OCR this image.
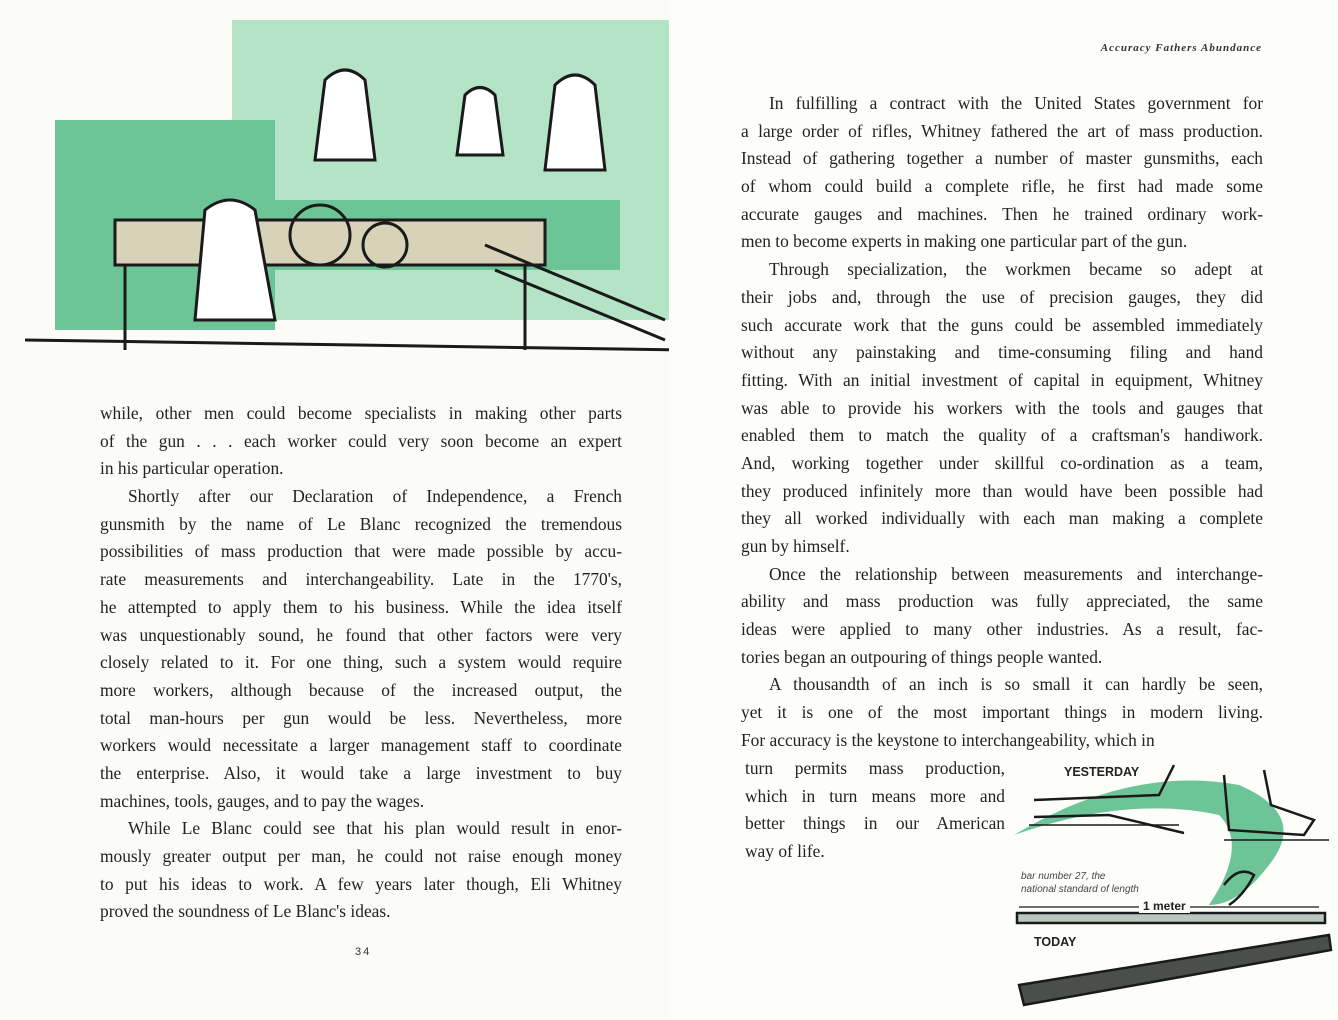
while, other men could become specialists in making other parts
of the gun . . . each worker could very soon become an expert
in his particular operation.
Shortly after our Declaration of Independence, a French
gunsmith by the name of Le Blanc recognized the tremendous
possibilities of mass production that were made possible by accu-
rate measurements and interchangeability. Late in the 1770's,
he attempted to apply them to his business. While the idea itself
was unquestionably sound, he found that other factors were very
closely related to it. For one thing, such a system would require
more workers, although because of the increased output, the
total man-hours per gun would be less. Nevertheless, more
workers would necessitate a larger management staff to coordinate
the enterprise. Also, it would take a large investment to buy
machines, tools, gauges, and to pay the wages.
While Le Blanc could see that his plan would result in enor-
mously greater output per man, he could not raise enough money
to put his ideas to work. A few years later though, Eli Whitney
proved the soundness of Le Blanc's ideas.
34
Accuracy Fathers Abundance
In fulfilling a contract with the United States government for
a large order of rifles, Whitney fathered the art of mass production.
Instead of gathering together a number of master gunsmiths, each
of whom could build a complete rifle, he first had made some
accurate gauges and machines. Then he trained ordinary work-
men to become experts in making one particular part of the gun.
Through specialization, the workmen became so adept at
their jobs and, through the use of precision gauges, they did
such accurate work that the guns could be assembled immediately
without any painstaking and time-consuming filing and hand
fitting. With an initial investment of capital in equipment, Whitney
was able to provide his workers with the tools and gauges that
enabled them to match the quality of a craftsman's handiwork.
And, working together under skillful co-ordination as a team,
they produced infinitely more than would have been possible had
they all worked individually with each man making a complete
gun by himself.
Once the relationship between measurements and interchange-
ability and mass production was fully appreciated, the same
ideas were applied to many other industries. As a result, fac-
tories began an outpouring of things people wanted.
A thousandth of an inch is so small it can hardly be seen,
yet it is one of the most important things in modern living.
For accuracy is the keystone to interchangeability, which in
turn permits mass production,
which in turn means more and
better things in our American
way of life.
YESTERDAY
bar number 27, the
national standard of length
1 meter
TODAY
